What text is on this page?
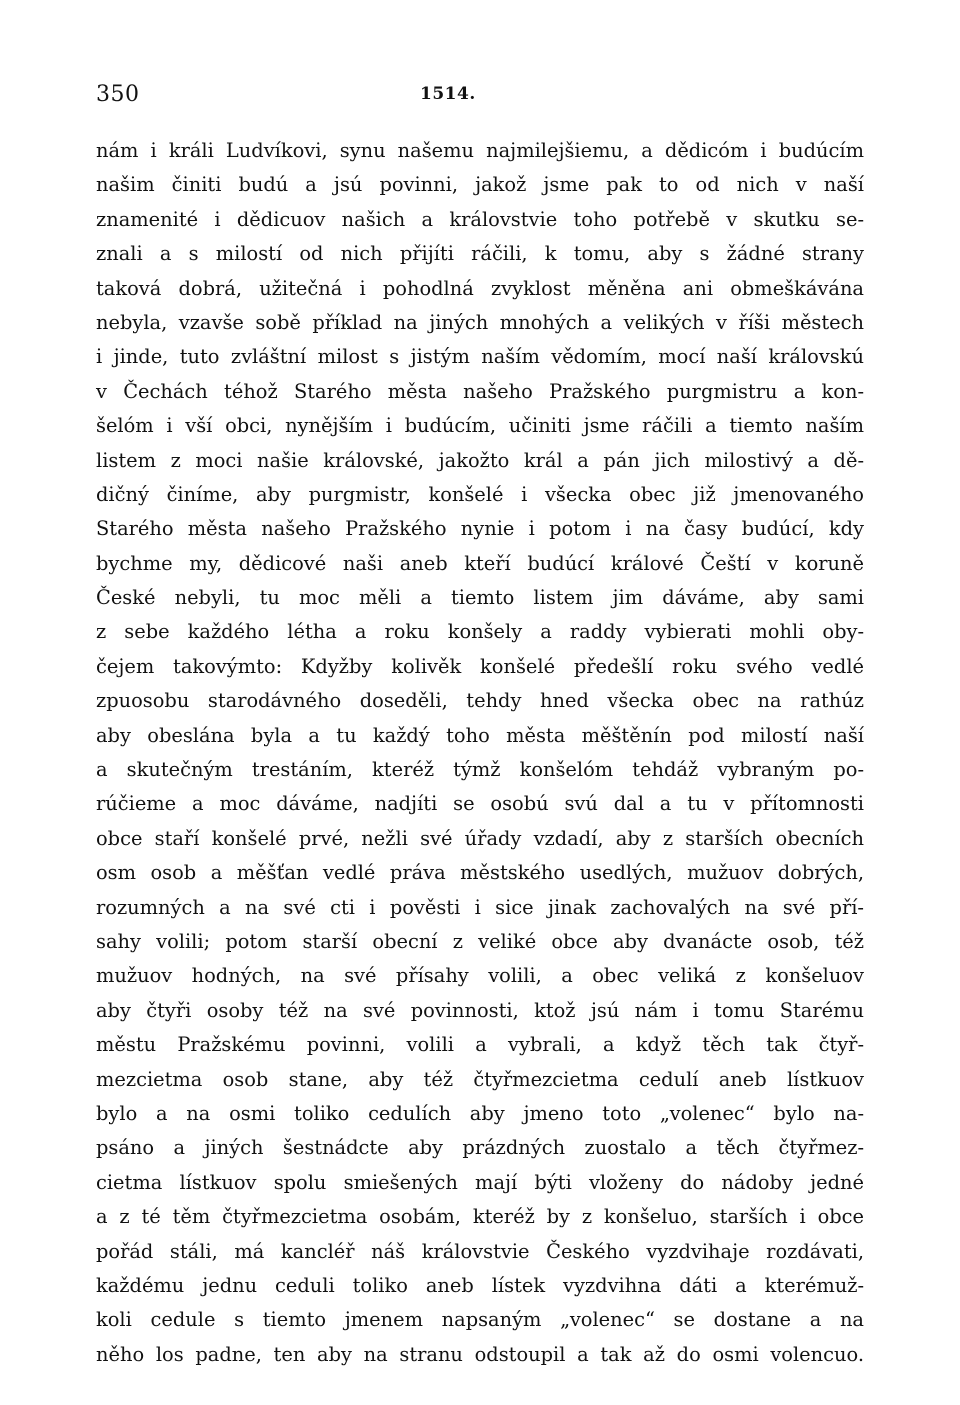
350	1514.
nám i králi Ludvíkovi, synu našemu najmilejšiemu, a dědicóm i budúcím
našim činiti budú a jsú povinni, jakož jsme pak to od nich v naší
znamenité i dědicuov našich a královstvie toho potřebě v skutku se-
znali a s milostí od nich přijíti ráčili, k tomu, aby s žádné strany
taková dobrá, užitečná i pohodlná zvyklost měněna ani obmeškávána
nebyla, vzavše sobě příklad na jiných mnohých a velikých v říši městech
i jinde, tuto zvláštní milost s jistým naším vědomím, mocí naší královskú
v Čechách téhož Starého města našeho Pražského purgmistru a kon-
šelóm i vší obci, nynějším i budúcím, učiniti jsme ráčili a tiemto naším
listem z moci našie královské, jakožto král a pán jich milostivý a dě-
dičný činíme, aby purgmistr, konšelé i všecka obec již jmenovaného
Starého města našeho Pražského nynie i potom i na časy budúcí, kdy
bychme my, dědicové naši aneb kteří budúcí králové Čeští v koruně
České nebyli, tu moc měli a tiemto listem jim dáváme, aby sami
z sebe každého létha a roku konšely a raddy vybierati mohli oby-
čejem takovýmto: Kdyžby kolivěk konšelé předešlí roku svého vedlé
zpuosobu starodávného doseděli, tehdy hned všecka obec na rathúz
aby obeslána byla a tu každý toho města měštěnín pod milostí naší
a skutečným trestáním, kteréž týmž konšelóm tehdáž vybraným po-
rúčieme a moc dáváme, nadjíti se osobú svú dal a tu v přítomnosti
obce staří konšelé prvé, nežli své úřady vzdadí, aby z starších obecních
osm osob a měšťan vedlé práva městského usedlých, mužuov dobrých,
rozumných a na své cti i pověsti i sice jinak zachovalých na své pří-
sahy volili; potom starší obecní z veliké obce aby dvanácte osob, též
mužuov hodných, na své přísahy volili, a obec veliká z konšeluov
aby čtyři osoby též na své povinnosti, ktož jsú nám i tomu Starému
městu Pražskému povinni, volili a vybrali, a když těch tak čtyř-
mezcietma osob stane, aby též čtyřmezcietma cedulí aneb lístkuov
bylo a na osmi toliko cedulích aby jmeno toto „volenec“ bylo na-
psáno a jiných šestnádcte aby prázdných zuostalo a těch čtyřmez-
cietma lístkuov spolu smiešených mají býti vloženy do nádoby jedné
a z té těm čtyřmezcietma osobám, kteréž by z konšeluo, starších i obce
pořád stáli, má kancléř náš královstvie Českého vyzdvihaje rozdávati,
každému jednu ceduli toliko aneb lístek vyzdvihna dáti a kterémuž-
koli cedule s tiemto jmenem napsaným „volenec“ se dostane a na
něho los padne, ten aby na stranu odstoupil a tak až do osmi volencuo.
